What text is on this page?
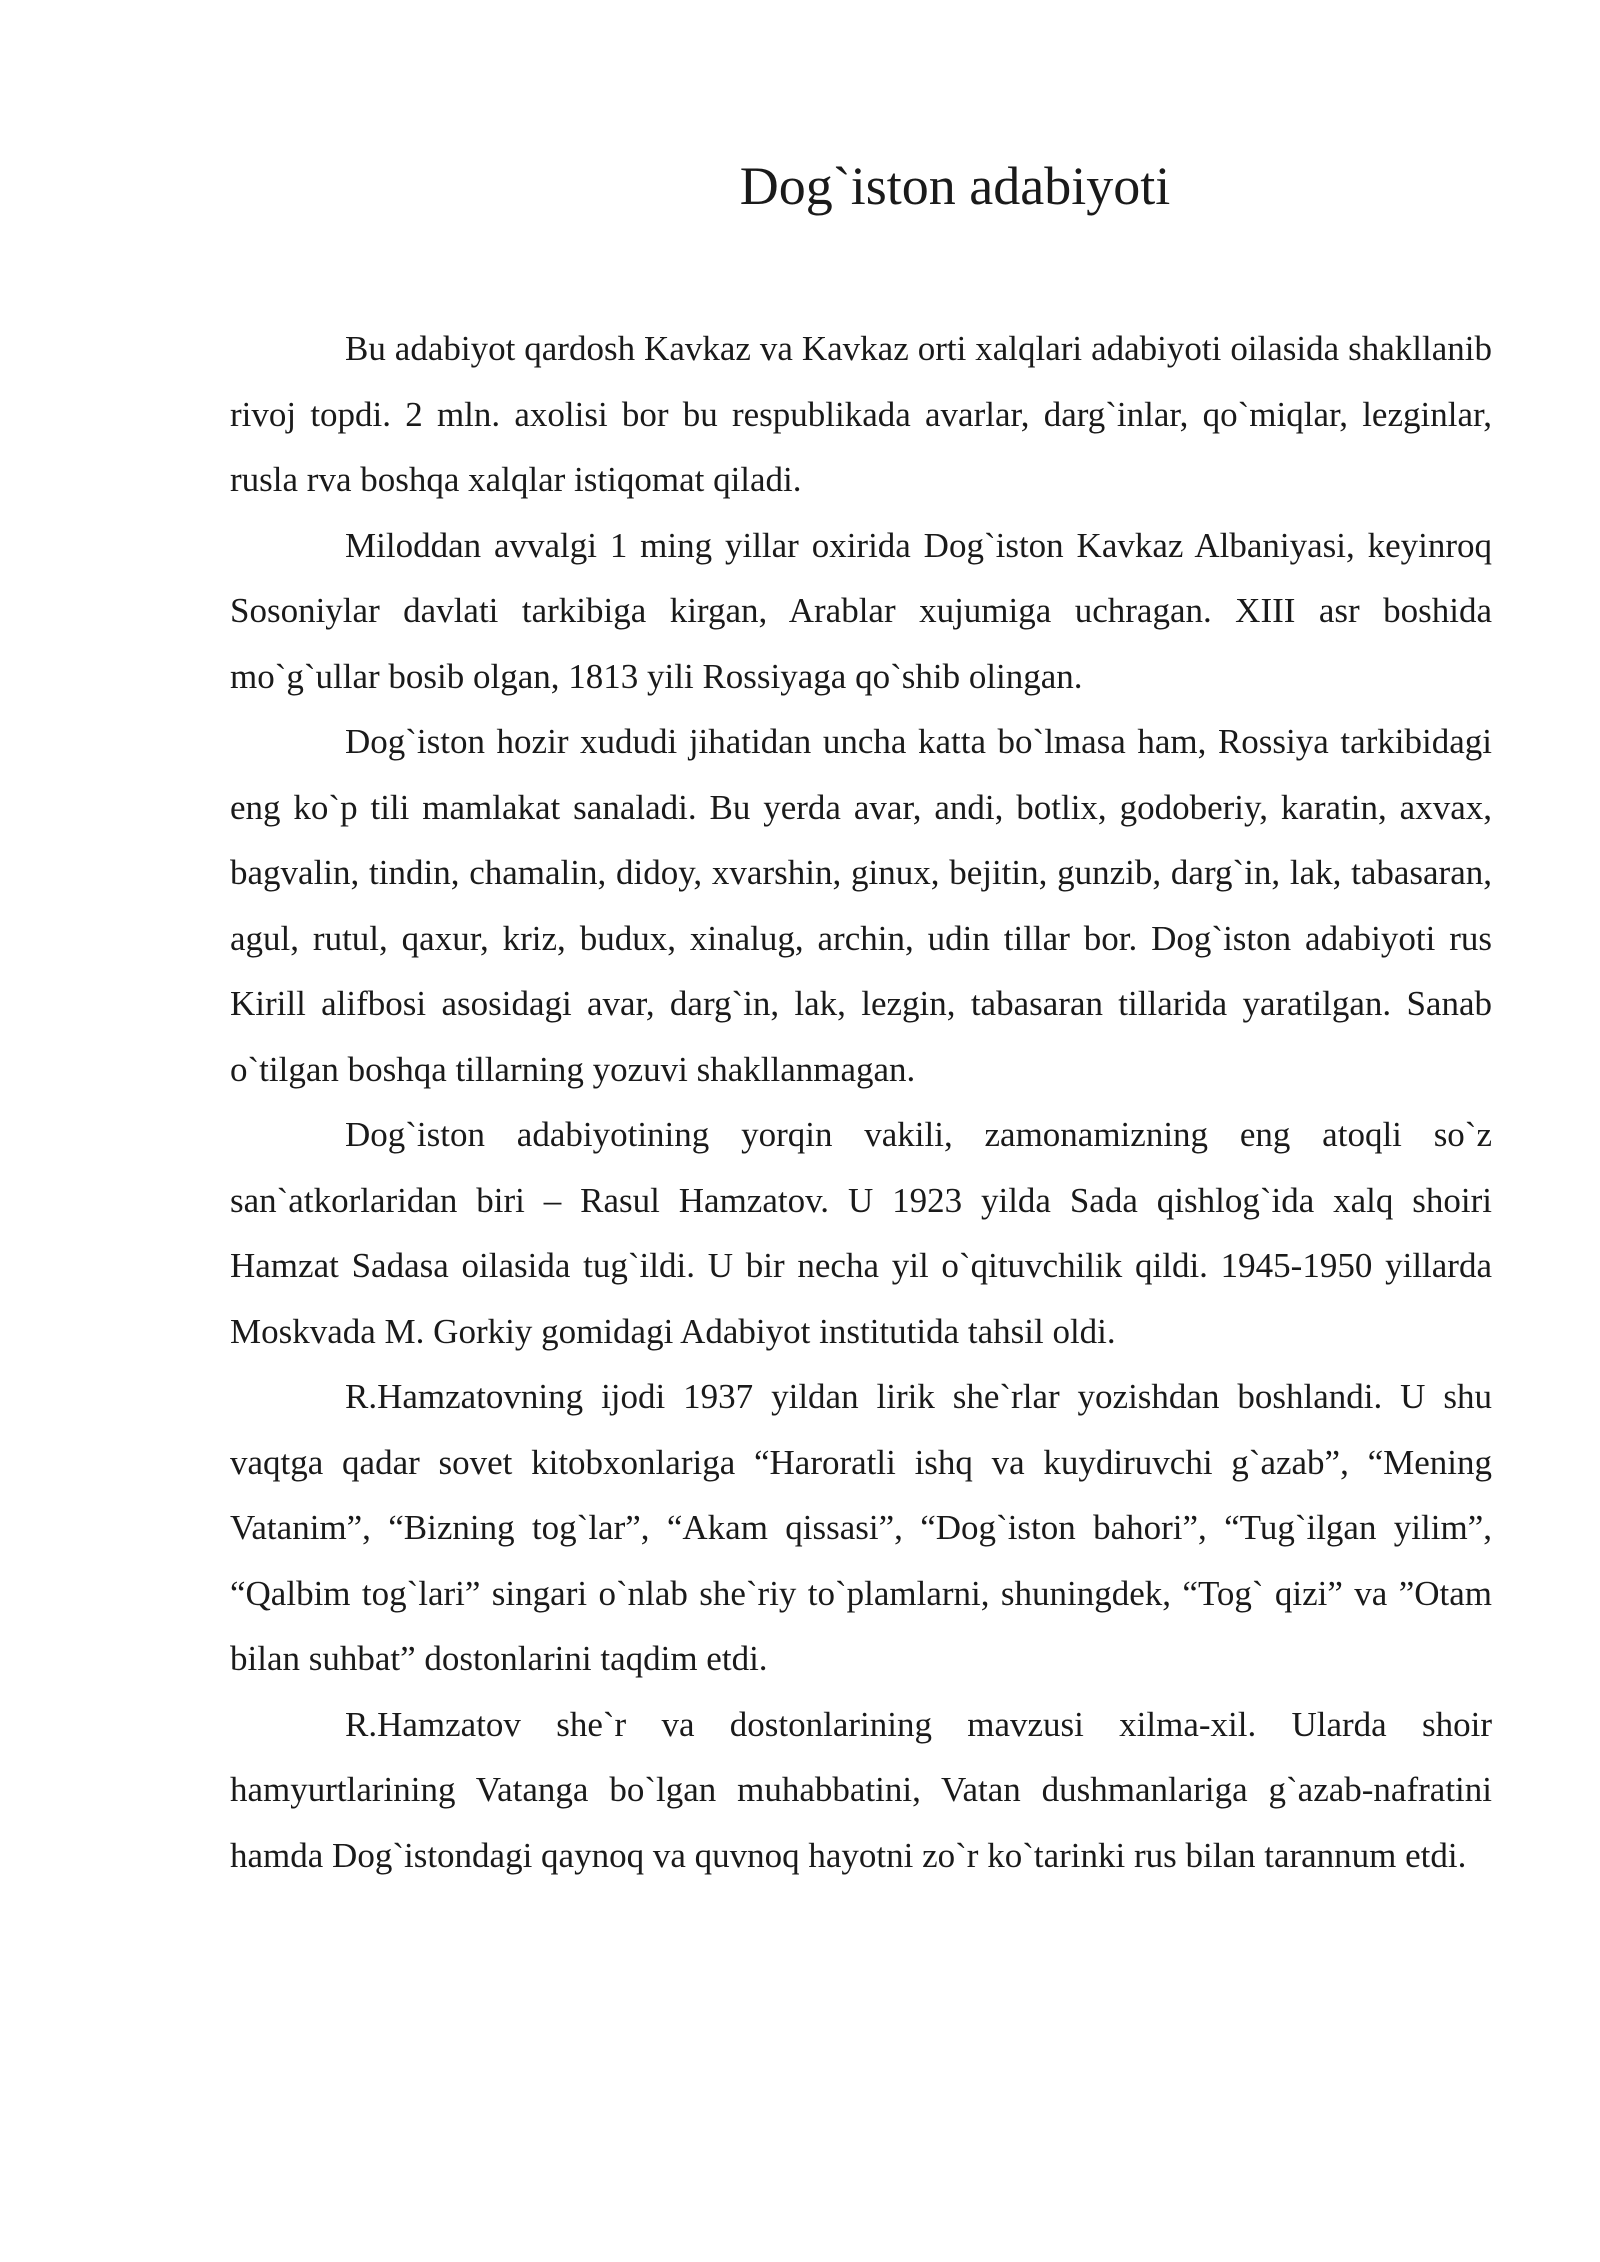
Dog`iston adabiyoti

Bu adabiyot qardosh Kavkaz va Kavkaz orti xalqlari adabiyoti oilasida shakllanib rivoj topdi. 2 mln. axolisi bor bu respublikada avarlar, darg`inlar, qo`miqlar, lezginlar, rusla rva boshqa xalqlar istiqomat qiladi.

Miloddan avvalgi 1 ming yillar oxirida Dog`iston Kavkaz Albaniyasi, keyinroq Sosoniylar davlati tarkibiga kirgan, Arablar xujumiga uchragan. XIII asr boshida mo`g`ullar bosib olgan, 1813 yili Rossiyaga qo`shib olingan.

Dog`iston hozir xududi jihatidan uncha katta bo`lmasa ham, Rossiya tarkibidagi eng ko`p tili mamlakat sanaladi. Bu yerda avar, andi, botlix, godoberiy, karatin, axvax, bagvalin, tindin, chamalin, didoy, xvarshin, ginux, bejitin, gunzib, darg`in, lak, tabasaran, agul, rutul, qaxur, kriz, budux, xinalug, archin, udin tillar bor. Dog`iston adabiyoti rus Kirill alifbosi asosidagi avar, darg`in, lak, lezgin, tabasaran tillarida yaratilgan. Sanab o`tilgan boshqa tillarning yozuvi shakllanmagan.

Dog`iston adabiyotining yorqin vakili, zamonamizning eng atoqli so`z san`atkorlaridan biri – Rasul Hamzatov. U 1923 yilda Sada qishlog`ida xalq shoiri Hamzat Sadasa oilasida tug`ildi. U bir necha yil o`qituvchilik qildi. 1945-1950 yillarda Moskvada M. Gorkiy gomidagi Adabiyot institutida tahsil oldi.

R.Hamzatovning ijodi 1937 yildan lirik she`rlar yozishdan boshlandi. U shu vaqtga qadar sovet kitobxonlariga “Haroratli ishq va kuydiruvchi g`azab”, “Mening Vatanim”, “Bizning tog`lar”, “Akam qissasi”, “Dog`iston bahori”, “Tug`ilgan yilim”, “Qalbim tog`lari” singari o`nlab she`riy to`plamlarni, shuningdek, “Tog` qizi” va ”Otam bilan suhbat” dostonlarini taqdim etdi.

R.Hamzatov she`r va dostonlarining mavzusi xilma-xil. Ularda shoir hamyurtlarining Vatanga bo`lgan muhabbatini, Vatan dushmanlariga g`azab-nafratini hamda Dog`istondagi qaynoq va quvnoq hayotni zo`r ko`tarinki rus bilan tarannum etdi.
